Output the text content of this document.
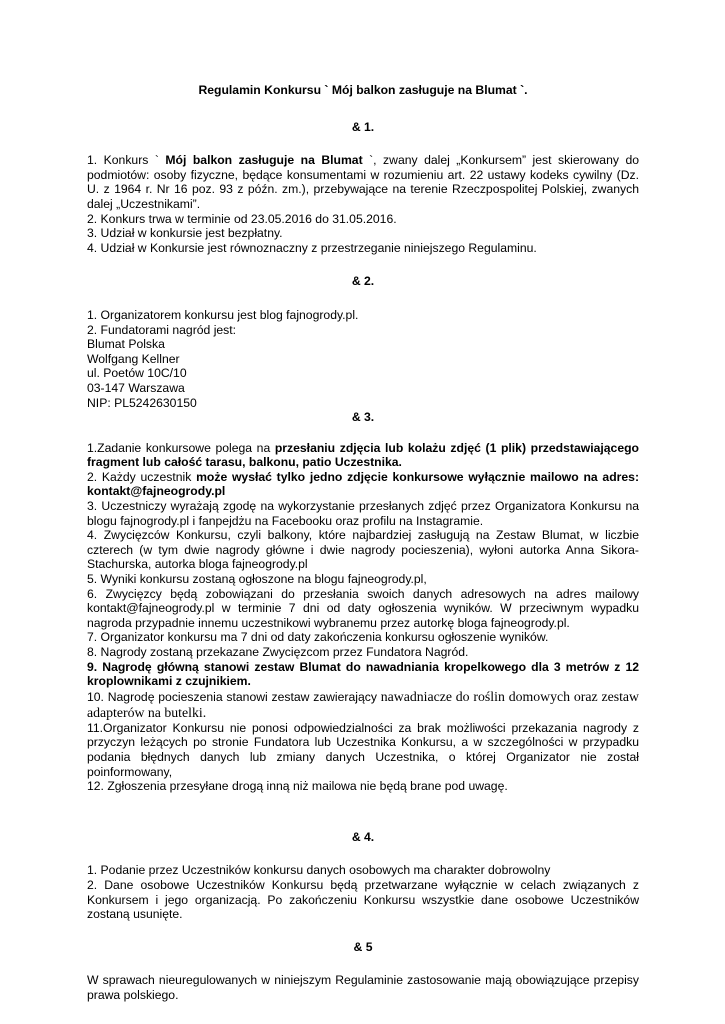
Regulamin Konkursu ` Mój balkon zasługuje na Blumat `.

& 1.

1. Konkurs ` Mój balkon zasługuje na Blumat `, zwany dalej „Konkursem” jest skierowany do podmiotów: osoby fizyczne, będące konsumentami w rozumieniu art. 22 ustawy kodeks cywilny (Dz. U. z 1964 r. Nr 16 poz. 93 z późn. zm.), przebywające na terenie Rzeczpospolitej Polskiej, zwanych dalej „Uczestnikami”.

2. Konkurs trwa w terminie od 23.05.2016 do 31.05.2016.

3. Udział w konkursie jest bezpłatny.

4. Udział w Konkursie jest równoznaczny z przestrzeganie niniejszego Regulaminu.

& 2.

1. Organizatorem konkursu jest blog fajnogrody.pl.

2. Fundatorami nagród jest:

Blumat Polska

Wolfgang Kellner

ul. Poetów 10C/10

03-147 Warszawa

NIP: PL5242630150

& 3.

1.Zadanie konkursowe polega na przesłaniu zdjęcia lub kolażu zdjęć (1 plik) przedstawiającego fragment lub całość tarasu, balkonu, patio Uczestnika.

2. Każdy uczestnik może wysłać tylko jedno zdjęcie konkursowe wyłącznie mailowo na adres: kontakt@fajneogrody.pl

3. Uczestniczy wyrażają zgodę na wykorzystanie przesłanych zdjęć przez Organizatora Konkursu na blogu fajnogrody.pl i fanpejdżu na Facebooku oraz profilu na Instagramie.

4. Zwycięzców Konkursu, czyli balkony, które najbardziej zasługują na Zestaw Blumat, w liczbie czterech (w tym dwie nagrody główne i dwie nagrody pocieszenia), wyłoni autorka Anna Sikora-Stachurska, autorka bloga fajneogrody.pl

5. Wyniki konkursu zostaną ogłoszone na blogu fajneogrody.pl,

6. Zwycięzcy będą zobowiązani do przesłania swoich danych adresowych na adres mailowy kontakt@fajneogrody.pl w terminie 7 dni od daty ogłoszenia wyników. W przeciwnym wypadku nagroda przypadnie innemu uczestnikowi wybranemu przez autorkę bloga fajneogrody.pl.

7. Organizator konkursu ma 7 dni od daty zakończenia konkursu ogłoszenie wyników.

8. Nagrody zostaną przekazane Zwycięzcom przez Fundatora Nagród.

9. Nagrodę główną stanowi zestaw Blumat do nawadniania kropelkowego dla 3 metrów z 12 kroplownikami z czujnikiem.

10. Nagrodę pocieszenia stanowi zestaw zawierający nawadniacze do roślin domowych oraz zestaw adapterów na butelki.

11.Organizator Konkursu nie ponosi odpowiedzialności za brak możliwości przekazania nagrody z przyczyn leżących po stronie Fundatora lub Uczestnika Konkursu, a w szczególności w przypadku podania błędnych danych lub zmiany danych Uczestnika, o której Organizator nie został poinformowany,

12. Zgłoszenia przesyłane drogą inną niż mailowa nie będą brane pod uwagę.

& 4.

1. Podanie przez Uczestników konkursu danych osobowych ma charakter dobrowolny

2. Dane osobowe Uczestników Konkursu będą przetwarzane wyłącznie w celach związanych z Konkursem i jego organizacją. Po zakończeniu Konkursu wszystkie dane osobowe Uczestników zostaną usunięte.

& 5

W sprawach nieuregulowanych w niniejszym Regulaminie zastosowanie mają obowiązujące przepisy prawa polskiego.
